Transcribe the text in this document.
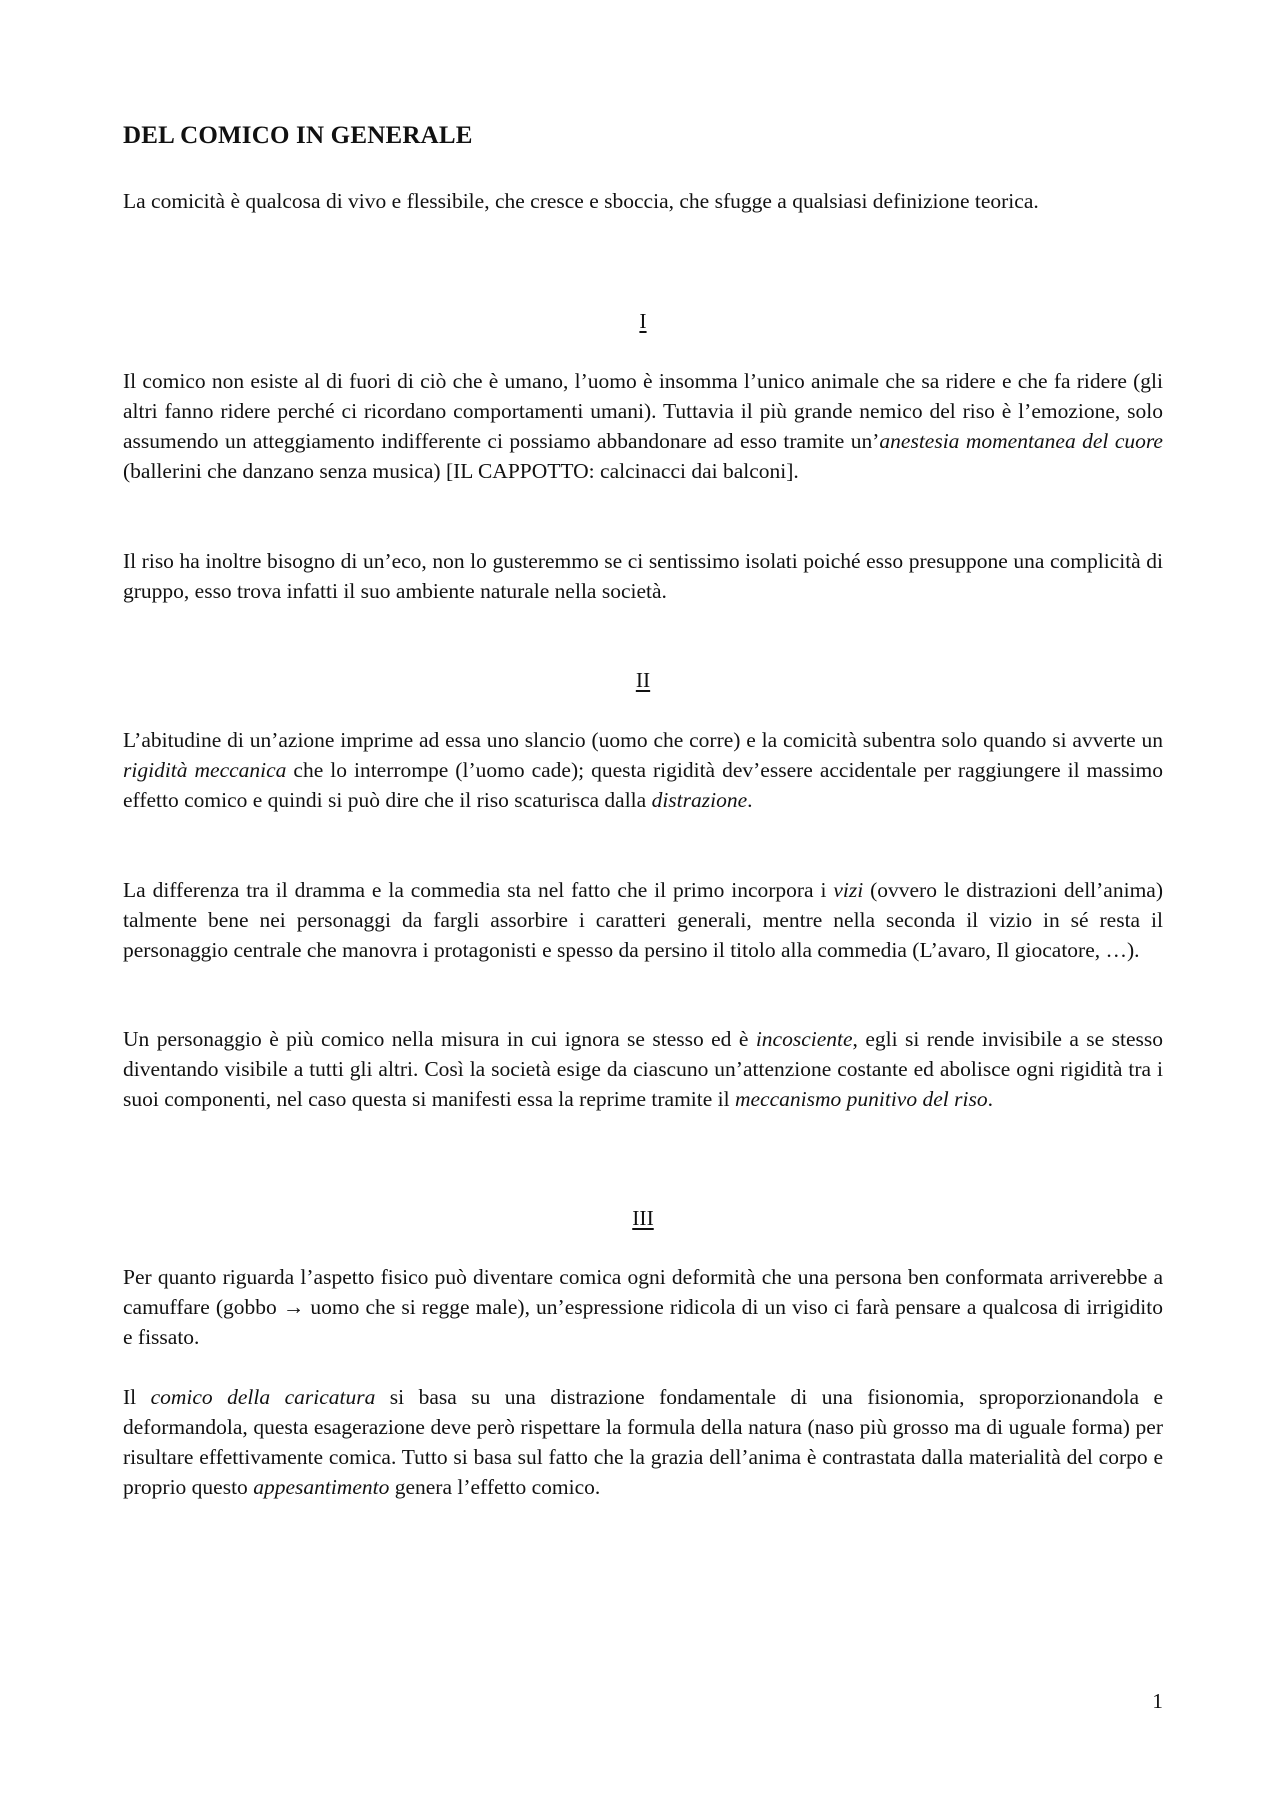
DEL COMICO IN GENERALE

La comicità è qualcosa di vivo e flessibile, che cresce e sboccia, che sfugge a qualsiasi definizione teorica.

I

Il comico non esiste al di fuori di ciò che è umano, l’uomo è insomma l’unico animale che sa ridere e che fa ridere (gli altri fanno ridere perché ci ricordano comportamenti umani). Tuttavia il più grande nemico del riso è l’emozione, solo assumendo un atteggiamento indifferente ci possiamo abbandonare ad esso tramite un’anestesia momentanea del cuore (ballerini che danzano senza musica) [IL CAPPOTTO: calcinacci dai balconi].

Il riso ha inoltre bisogno di un’eco, non lo gusteremmo se ci sentissimo isolati poiché esso presuppone una complicità di gruppo, esso trova infatti il suo ambiente naturale nella società.

II

L’abitudine di un’azione imprime ad essa uno slancio (uomo che corre) e la comicità subentra solo quando si avverte un rigidità meccanica che lo interrompe (l’uomo cade); questa rigidità dev’essere accidentale per raggiungere il massimo effetto comico e quindi si può dire che il riso scaturisca dalla distrazione.

La differenza tra il dramma e la commedia sta nel fatto che il primo incorpora i vizi (ovvero le distrazioni dell’anima) talmente bene nei personaggi da fargli assorbire i caratteri generali, mentre nella seconda il vizio in sé resta il personaggio centrale che manovra i protagonisti e spesso da persino il titolo alla commedia (L’avaro, Il giocatore, …).

Un personaggio è più comico nella misura in cui ignora se stesso ed è incosciente, egli si rende invisibile a se stesso diventando visibile a tutti gli altri. Così la società esige da ciascuno un’attenzione costante ed abolisce ogni rigidità tra i suoi componenti, nel caso questa si manifesti essa la reprime tramite il meccanismo punitivo del riso.

III

Per quanto riguarda l’aspetto fisico può diventare comica ogni deformità che una persona ben conformata arriverebbe a camuffare (gobbo → uomo che si regge male), un’espressione ridicola di un viso ci farà pensare a qualcosa di irrigidito e fissato.

Il comico della caricatura si basa su una distrazione fondamentale di una fisionomia, sproporzionandola e deformandola, questa esagerazione deve però rispettare la formula della natura (naso più grosso ma di uguale forma) per risultare effettivamente comica. Tutto si basa sul fatto che la grazia dell’anima è contrastata dalla materialità del corpo e proprio questo appesantimento genera l’effetto comico.

1
